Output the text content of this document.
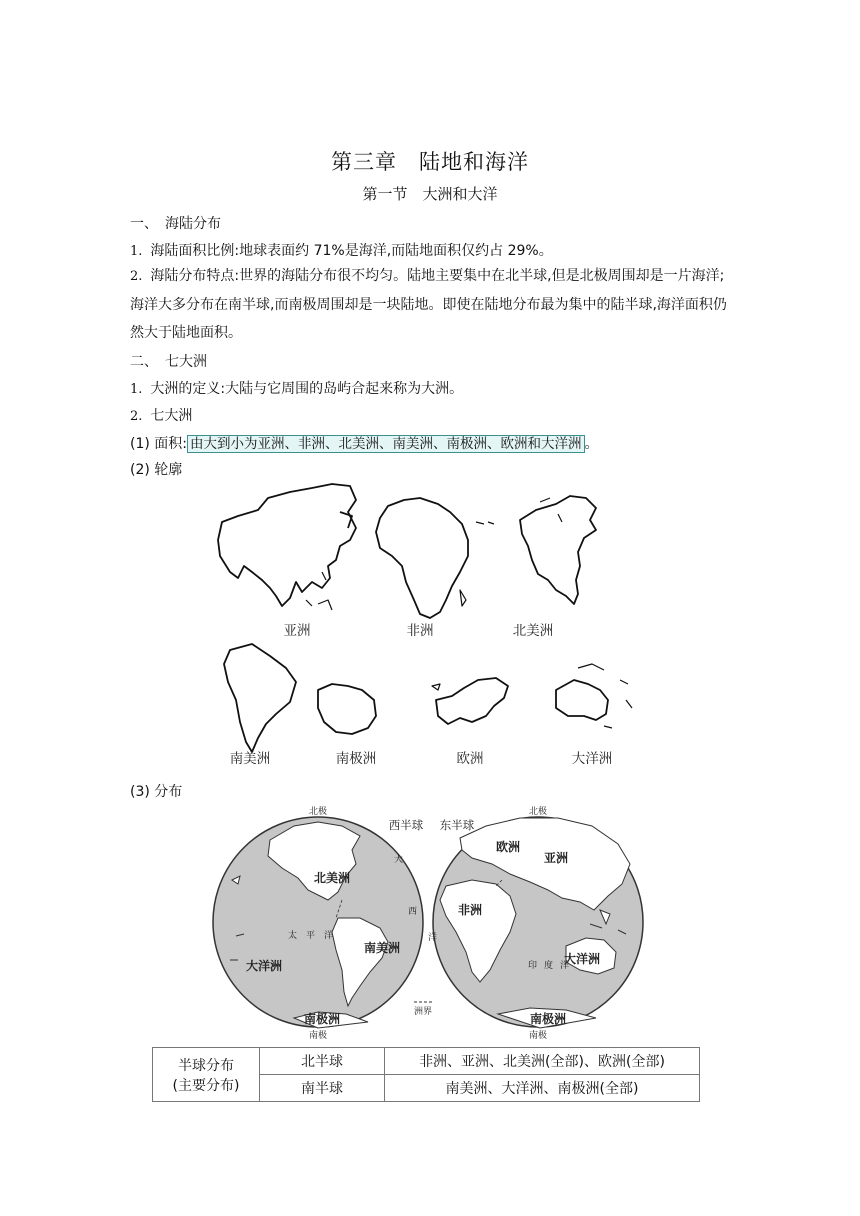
第三章　陆地和海洋
第一节　大洲和大洋
一、　海陆分布
1. 海陆面积比例:地球表面约 71%是海洋,而陆地面积仅约占 29%。
2. 海陆分布特点:世界的海陆分布很不均匀。陆地主要集中在北半球,但是北极周围却是一片海洋;海洋大多分布在南半球,而南极周围却是一块陆地。即使在陆地分布最为集中的陆半球,海洋面积仍然大于陆地面积。
二、　七大洲
1. 大洲的定义:大陆与它周围的岛屿合起来称为大洲。
2. 七大洲
(1) 面积: 由大到小为亚洲、非洲、北美洲、南美洲、南极洲、欧洲和大洋洲 。
(2) 轮廓
亚洲	非洲	北美洲
南美洲	南极洲	欧洲	大洋洲
(3) 分布
北极	北极
南极	南极
西半球 东半球
北美洲
南美洲
大洋洲
南极洲
欧洲
亚洲
非洲
大洋洲
南极洲
大
西
洋
太 平 洋
印 度 洋
洲界
半球分布
(主要分布)	北半球	非洲、亚洲、北美洲(全部)、欧洲(全部)
	南半球	南美洲、大洋洲、南极洲(全部)
